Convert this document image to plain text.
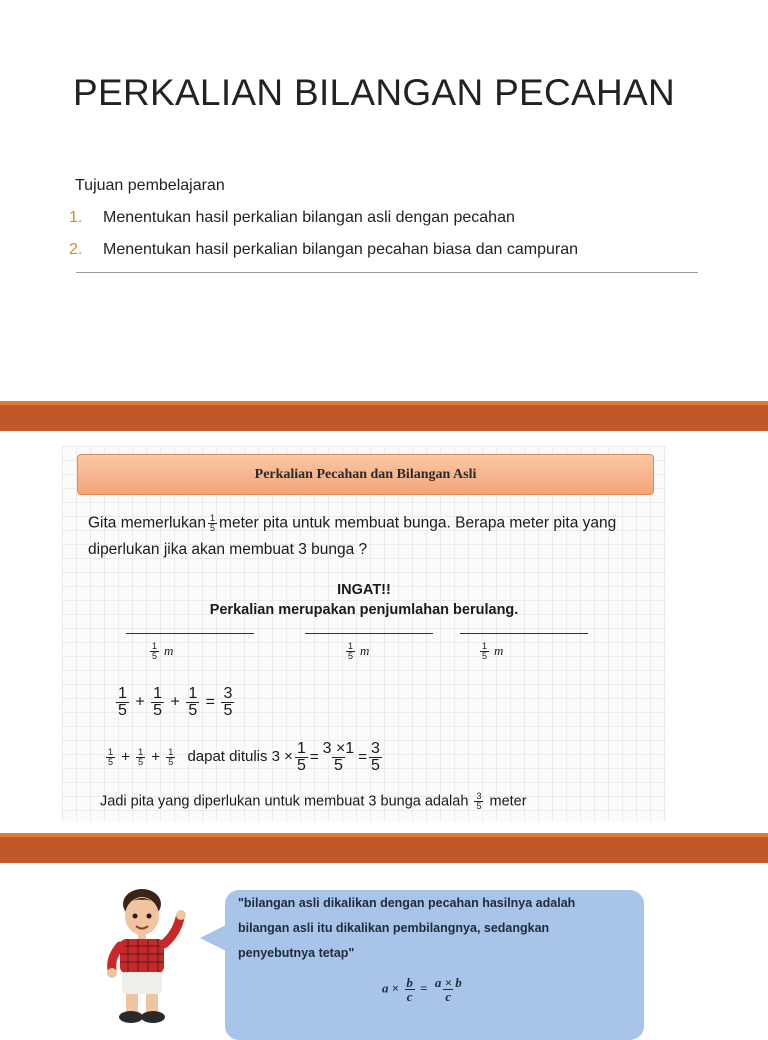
PERKALIAN BILANGAN PECAHAN
Tujuan pembelajaran
1. Menentukan hasil perkalian bilangan asli dengan pecahan
2. Menentukan hasil perkalian bilangan pecahan biasa dan campuran
Perkalian Pecahan dan Bilangan Asli
Gita memerlukan $\frac{1}{5}$ meter pita untuk membuat bunga. Berapa meter pita yang
diperlukan jika akan membuat 3 bunga ?
INGAT!!
Perkalian merupakan penjumlahan berulang.
$\frac{1}{5}$ m	$\frac{1}{5}$ m	$\frac{1}{5}$ m
$\frac{1}{5} + \frac{1}{5} + \frac{1}{5} = \frac{3}{5}$
$\frac{1}{5} + \frac{1}{5} + \frac{1}{5}$ dapat ditulis $3 \times \frac{1}{5} = \frac{3 \times 1}{5} = \frac{3}{5}$
Jadi pita yang diperlukan untuk membuat 3 bunga adalah $\frac{3}{5}$ meter
"bilangan asli dikalikan dengan pecahan hasilnya adalah
bilangan asli itu dikalikan pembilangnya, sedangkan
penyebutnya tetap"
$a \times \frac{b}{c} = \frac{a \times b}{c}$
